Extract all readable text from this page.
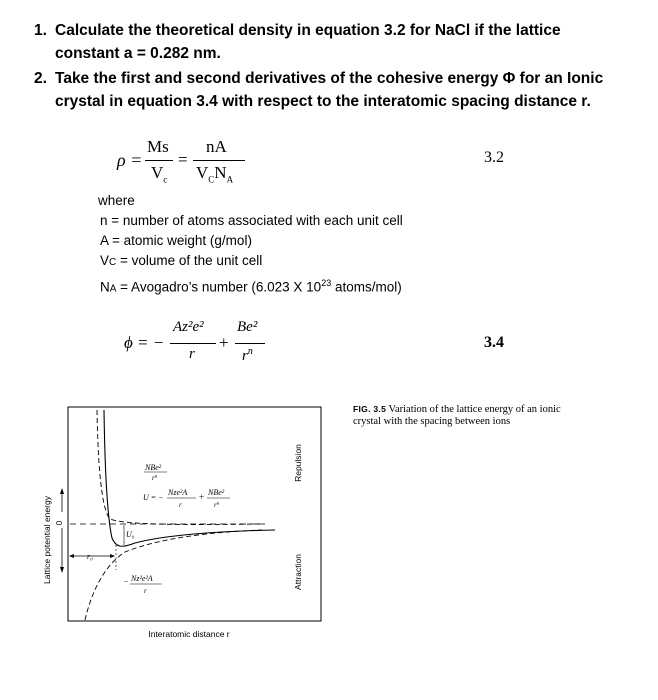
1. Calculate the theoretical density in equation 3.2 for NaCl if the lattice
constant a = 0.282 nm.
2. Take the first and second derivatives of the cohesive energy Φ for an Ionic
crystal in equation 3.4 with respect to the interatomic spacing distance r.
ρ =
Ms
$V_c$
=
nA
$V_CN_A$
3.2
where
n = number of atoms associated with each unit cell
A = atomic weight (g/mol)
VC = volume of the unit cell
NA = Avogadro’s number (6.023 X $10^{23}$ atoms/mol)
ϕ = −
Az²e²
r
+
Be²
$r^n$
3.4
FIG. 3.5 Variation of the lattice energy of an ionic crystal with the spacing between ions
Lattice potential energy 0
r₀
U₀
NBe²
r⁹
U = −
Nze²A
r
+ NBe²
r⁹
− Nz²e²A
r
Repulsion
Attraction
Interatomic distance r
